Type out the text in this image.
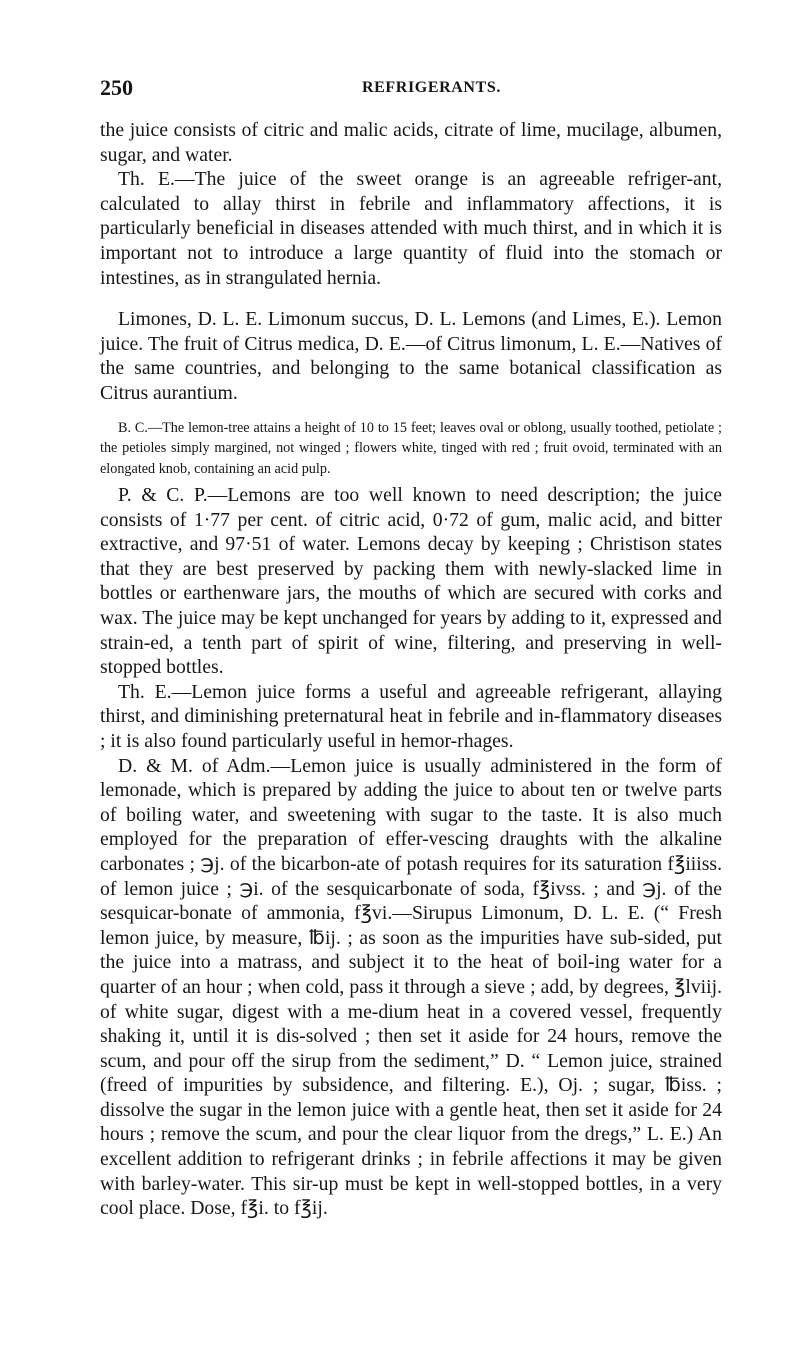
250	REFRIGERANTS.

the juice consists of citric and malic acids, citrate of lime, mucilage, albumen, sugar, and water.

Th. E.—The juice of the sweet orange is an agreeable refriger-ant, calculated to allay thirst in febrile and inflammatory affections, it is particularly beneficial in diseases attended with much thirst, and in which it is important not to introduce a large quantity of fluid into the stomach or intestines, as in strangulated hernia.

Limones, D. L. E. Limonum succus, D. L. Lemons (and Limes, E.). Lemon juice. The fruit of Citrus medica, D. E.—of Citrus limonum, L. E.—Natives of the same countries, and belonging to the same botanical classification as Citrus aurantium.

B. C.—The lemon-tree attains a height of 10 to 15 feet; leaves oval or oblong, usually toothed, petiolate ; the petioles simply margined, not winged ; flowers white, tinged with red ; fruit ovoid, terminated with an elongated knob, containing an acid pulp.

P. & C. P.—Lemons are too well known to need description; the juice consists of 1·77 per cent. of citric acid, 0·72 of gum, malic acid, and bitter extractive, and 97·51 of water. Lemons decay by keeping ; Christison states that they are best preserved by packing them with newly-slacked lime in bottles or earthenware jars, the mouths of which are secured with corks and wax. The juice may be kept unchanged for years by adding to it, expressed and strain-ed, a tenth part of spirit of wine, filtering, and preserving in well-stopped bottles.

Th. E.—Lemon juice forms a useful and agreeable refrigerant, allaying thirst, and diminishing preternatural heat in febrile and in-flammatory diseases ; it is also found particularly useful in hemor-rhages.

D. & M. of Adm.—Lemon juice is usually administered in the form of lemonade, which is prepared by adding the juice to about ten or twelve parts of boiling water, and sweetening with sugar to the taste. It is also much employed for the preparation of effer-vescing draughts with the alkaline carbonates ; ℈j. of the bicarbon-ate of potash requires for its saturation f℥iiiss. of lemon juice ; ℈i. of the sesquicarbonate of soda, f℥ivss. ; and ℈j. of the sesquicar-bonate of ammonia, f℥vi.—Sirupus Limonum, D. L. E. (“ Fresh lemon juice, by measure, ℔ij. ; as soon as the impurities have sub-sided, put the juice into a matrass, and subject it to the heat of boil-ing water for a quarter of an hour ; when cold, pass it through a sieve ; add, by degrees, ℥lviij. of white sugar, digest with a me-dium heat in a covered vessel, frequently shaking it, until it is dis-solved ; then set it aside for 24 hours, remove the scum, and pour off the sirup from the sediment,” D. “ Lemon juice, strained (freed of impurities by subsidence, and filtering. E.), Oj. ; sugar, ℔iss. ; dissolve the sugar in the lemon juice with a gentle heat, then set it aside for 24 hours ; remove the scum, and pour the clear liquor from the dregs,” L. E.) An excellent addition to refrigerant drinks ; in febrile affections it may be given with barley-water. This sir-up must be kept in well-stopped bottles, in a very cool place. Dose, f℥i. to f℥ij.
